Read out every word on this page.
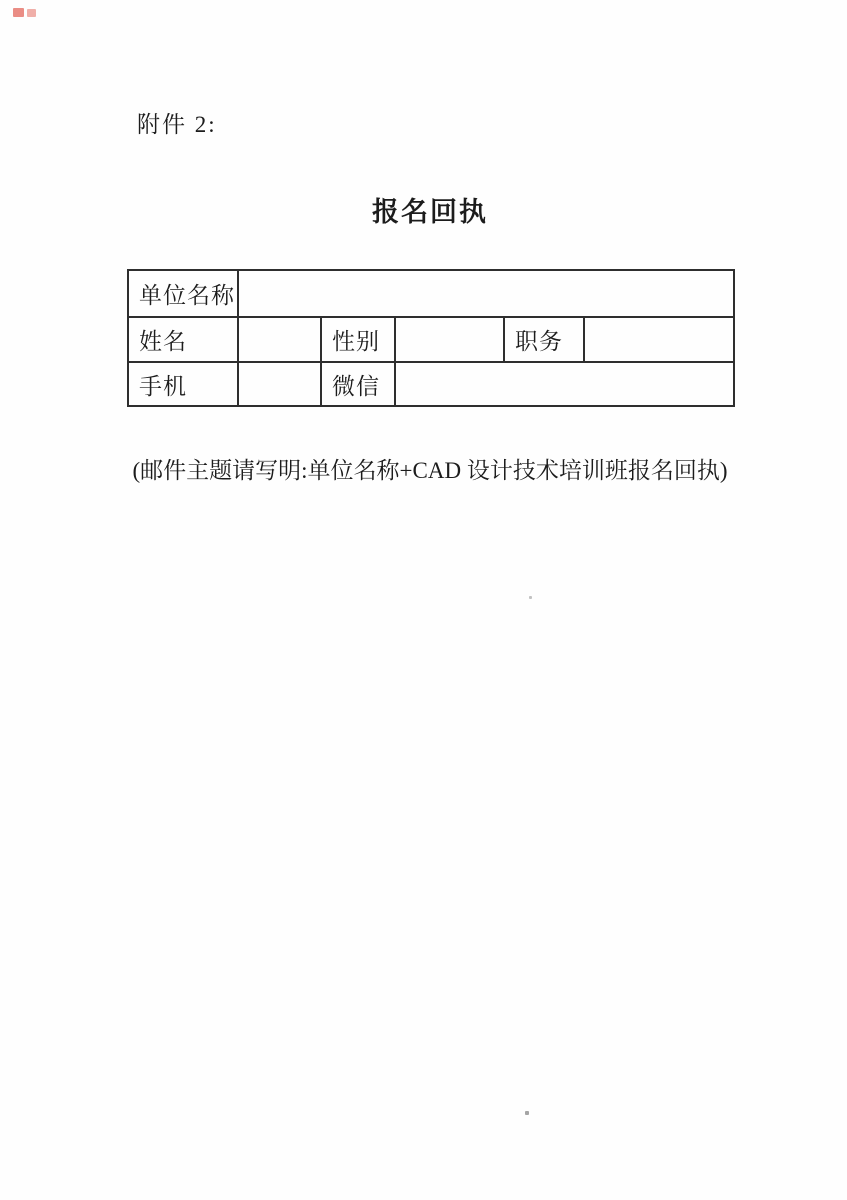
附件 2:
报名回执
单位名称					
姓名		性别		职务	
手机		微信			
(邮件主题请写明:单位名称+CAD 设计技术培训班报名回执)
